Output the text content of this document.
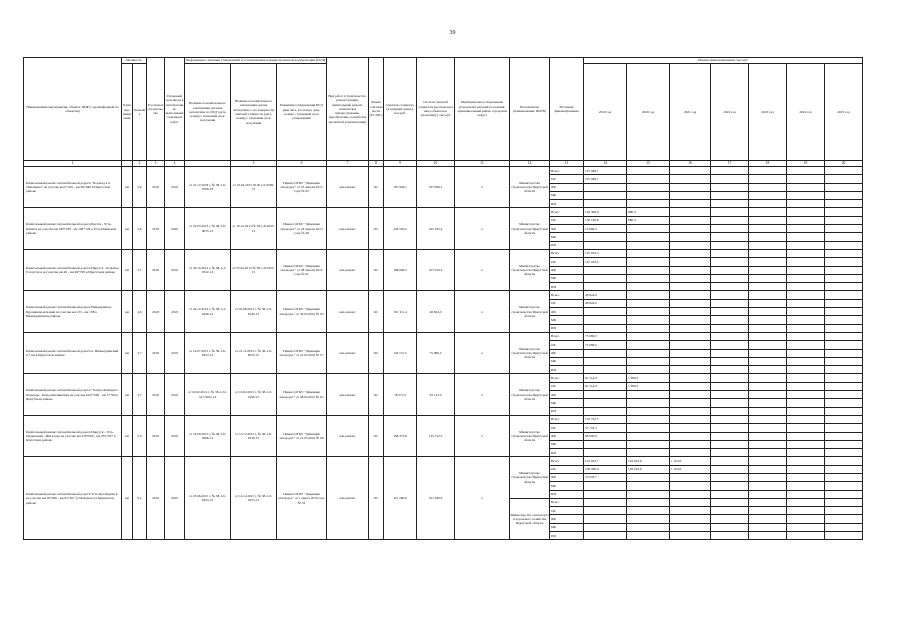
39
Наименование мероприятия, объекта, ПИР (с расшифровкой по объектам)	Мощность		Год начала строительства	Плановый срок ввода в эксплуатацию/ выполнения отдельных работ	Информация о наличии утверждений и установленном порядке проектной документации (ПСД)			Вид работ (строительство, реконструкция, капитальный ремонт, техническое перевооружение, приобретение, разработка проектной документации)	Форма собственности (ГС/МС)	Сметная стоимость (в текущих ценах), тыс.руб.	Остаток сметной стоимости (не включает ввод объектов в программу), тыс.руб	Муниципальное образование (городской/сельский поселения, муниципальный район, городской округ)	Исполнитель (наименование ИОГВ)	Источник финансирования	Объемы финансирования, тыс.руб.						
	Единица измерения	Значение			Наличие положительного заключения органов экспертизы по ПСД (дата, номер) / плановый срок получения	Наличие положительного заключения органа экспертизы о достоверности сметной стоимости (дата, номер) / плановый срок получения	Реквизиты утверждения ПСД (вид акта, кто издал, дата, номер) / плановый срок утверждения														
															2019 год	2020 год	2021 год	2022 год	2023 год	2024 год	2025 год
1		2	3	4		5	6	7	8	9	10	11	12	13	14	15	16	17	18	19	20
Капитальный ремонт автомобильной дороги "Подъезд к п. Тимошино" на участке км 0+425 - км 09+640 в Иркутском районе	км	5,6	2018	2019	от 21.12.2018 г. № 38-1-6-0706-18	от 10.04.2015 2018-1-6-0596-15	Приказ ОГКУ "Дирекция автодорог" от 25 апреля 2015 года № 63	кап.ремонт	ОС	197 966,1	197 966,1	х	Министерство строительства Иркутской области	Всего	197 966,1						
														ОБ	197 966,1						
														ФБ							
														МБ							
														ИИ							
Капитальный ремонт автомобильной дороги Братск - Усть-Илимск на участке км 180+230 - км 190+120 в Усть-Илимском районе	км	4,9	2018	2020	от 22.03.2013 г. № 38-1-6-0035-13	от 10.12.2013 № 38-1-6-0345-13	Приказ ОГКУ "Дирекция автодорог" от 24 апреля 2014 года № 48	кап.ремонт	ОС	244 595,0	165 185,4	х	Министерство строительства Иркутской области	Всего	164 366,0	880,4					
														ОБ	150 106,8	880,4					
														ФБ	14 669,3						
														МБ							
														ИИ							
Капитальный ремонт автомобильной дороги Иркутск - Большое Голоустное на участке км 40 - км 46+700 в Иркутском районе	км	5,7	2018	2019	от 30.10.2014 г. № 38-1-4-0322-14	от 03.04.2015 № 38-1-6-0102-15	Приказ ОГКУ "Дирекция автодорог" от 28 апреля 2015 года № 61	кап.ремонт	ОС	168 699,5	107 034,3	х	Министерство строительства Иркутской области	Всего	107 034,3						
														ОБ	107 034,3						
														ФБ							
														МБ							
														ИИ							
Капитальный ремонт автомобильной дороги Нижнеудинск-Бурашиши-Алзамай на участке км 133 - км 138 в Нижнеудинском районе	км	4,6	2018	2019	от 24.12.2014 г. № 38-1-4-0446-14	от 05.08.2015 г. № 38-1-6-0245-15	Приказ ОГКУ "Дирекция автодорог" от 30.03.2016 № 65	кап.ремонт	ОС	191 311,4	48 824,0	х	Министерство строительства Иркутской области	Всего	48 824,0						
														ОБ	48 824,0						
														ФБ							
														МБ							
														ИИ							
Капитальный ремонт автомобильной дороги п. Нижнеудинский 2,7 км в Иркутском районе	км	2,7	2018	2019	от 14.07.2015 г. № 38-1-6-0454-15	от 21.12.2015 г. № 38-1-6-0033-15	Приказ ОГКУ "Дирекция автодорог" от 21.03.2016 № 57	кап.ремонт	ОС	143 721,5	75 086,5	х	Министерство строительства Иркутской области	Всего	75 086,5						
														ОБ	75 086,5						
														ФБ							
														МБ							
														ИИ							
Капитальный ремонт автомобильной дороги "Захаро-Коммуна" - Харьюзы - Бельдэйн/шинэвка на участке км 0+000 - км 3+700 в Иркутском районе	км	3,7	2018	2019	от 20.02.2014 г. № 38-1-52-41/15202-14	от 10.02.2015 г. № 38-1-6-0196-15	Приказ ОГКУ "Дирекция автодорог" от 28.04.2015 № 62	кап.ремонт	ОС	78 571,0	63 123,5	х	Министерство строительства Иркутской области	Всего	61 214,0	1 909,5					
														ОБ	61 214,0	1 909,5					
														ФБ							
														МБ							
														ИИ							
Капитальный ремонт автомобильной дороги Иркутск - Усть-Ордынский - Жигалово на участке км 230+000 - км 235+057 в Качугском районе	км	5,0	2018	2019	от 16.09.2015 г. № 38-1-6-0496-15	от 15.12.2015 г. № 38-1-6-0530-15	Приказ ОГКУ "Дирекция автодорог" от 21.03.2016 № 68	кап.ремонт	ОС	198 373,8	135 722,5	х	Министерство строительства Иркутской области	Всего	135 722,5						
														ОБ	37 722,5						
														ФБ	98 000,0						
														МБ							
														ИИ							
Капитальный ремонт автомобильной дороги Усть-Кут-Киренск на участке км 59+000 - км 61+407 (с.Макарово) в Киренском районе	км	6,2	2019	2020	от 23.06.2015 г. № 38-1-6-0433-15	от 14.12.2015 г. № 38-1-6-0253-15	Приказ ОГКУ "Дирекция автодорог" от 1 марта 2016 года № 53	кап.ремонт	ОС	321 280,9	321 280,9	х	Министерство строительства Иркутской области	Всего	125 933,7	194 243,6	1 103,6				
														ОБ	100 000,0	194 243,6	1 103,6				
														ФБ	25 933,7						
														МБ							
														ИИ							
													Министерство транспорта и дорожного хозяйства Иркутской области	Всего							
														ОБ							
														ФБ							
														МБ							
														ИИ							
